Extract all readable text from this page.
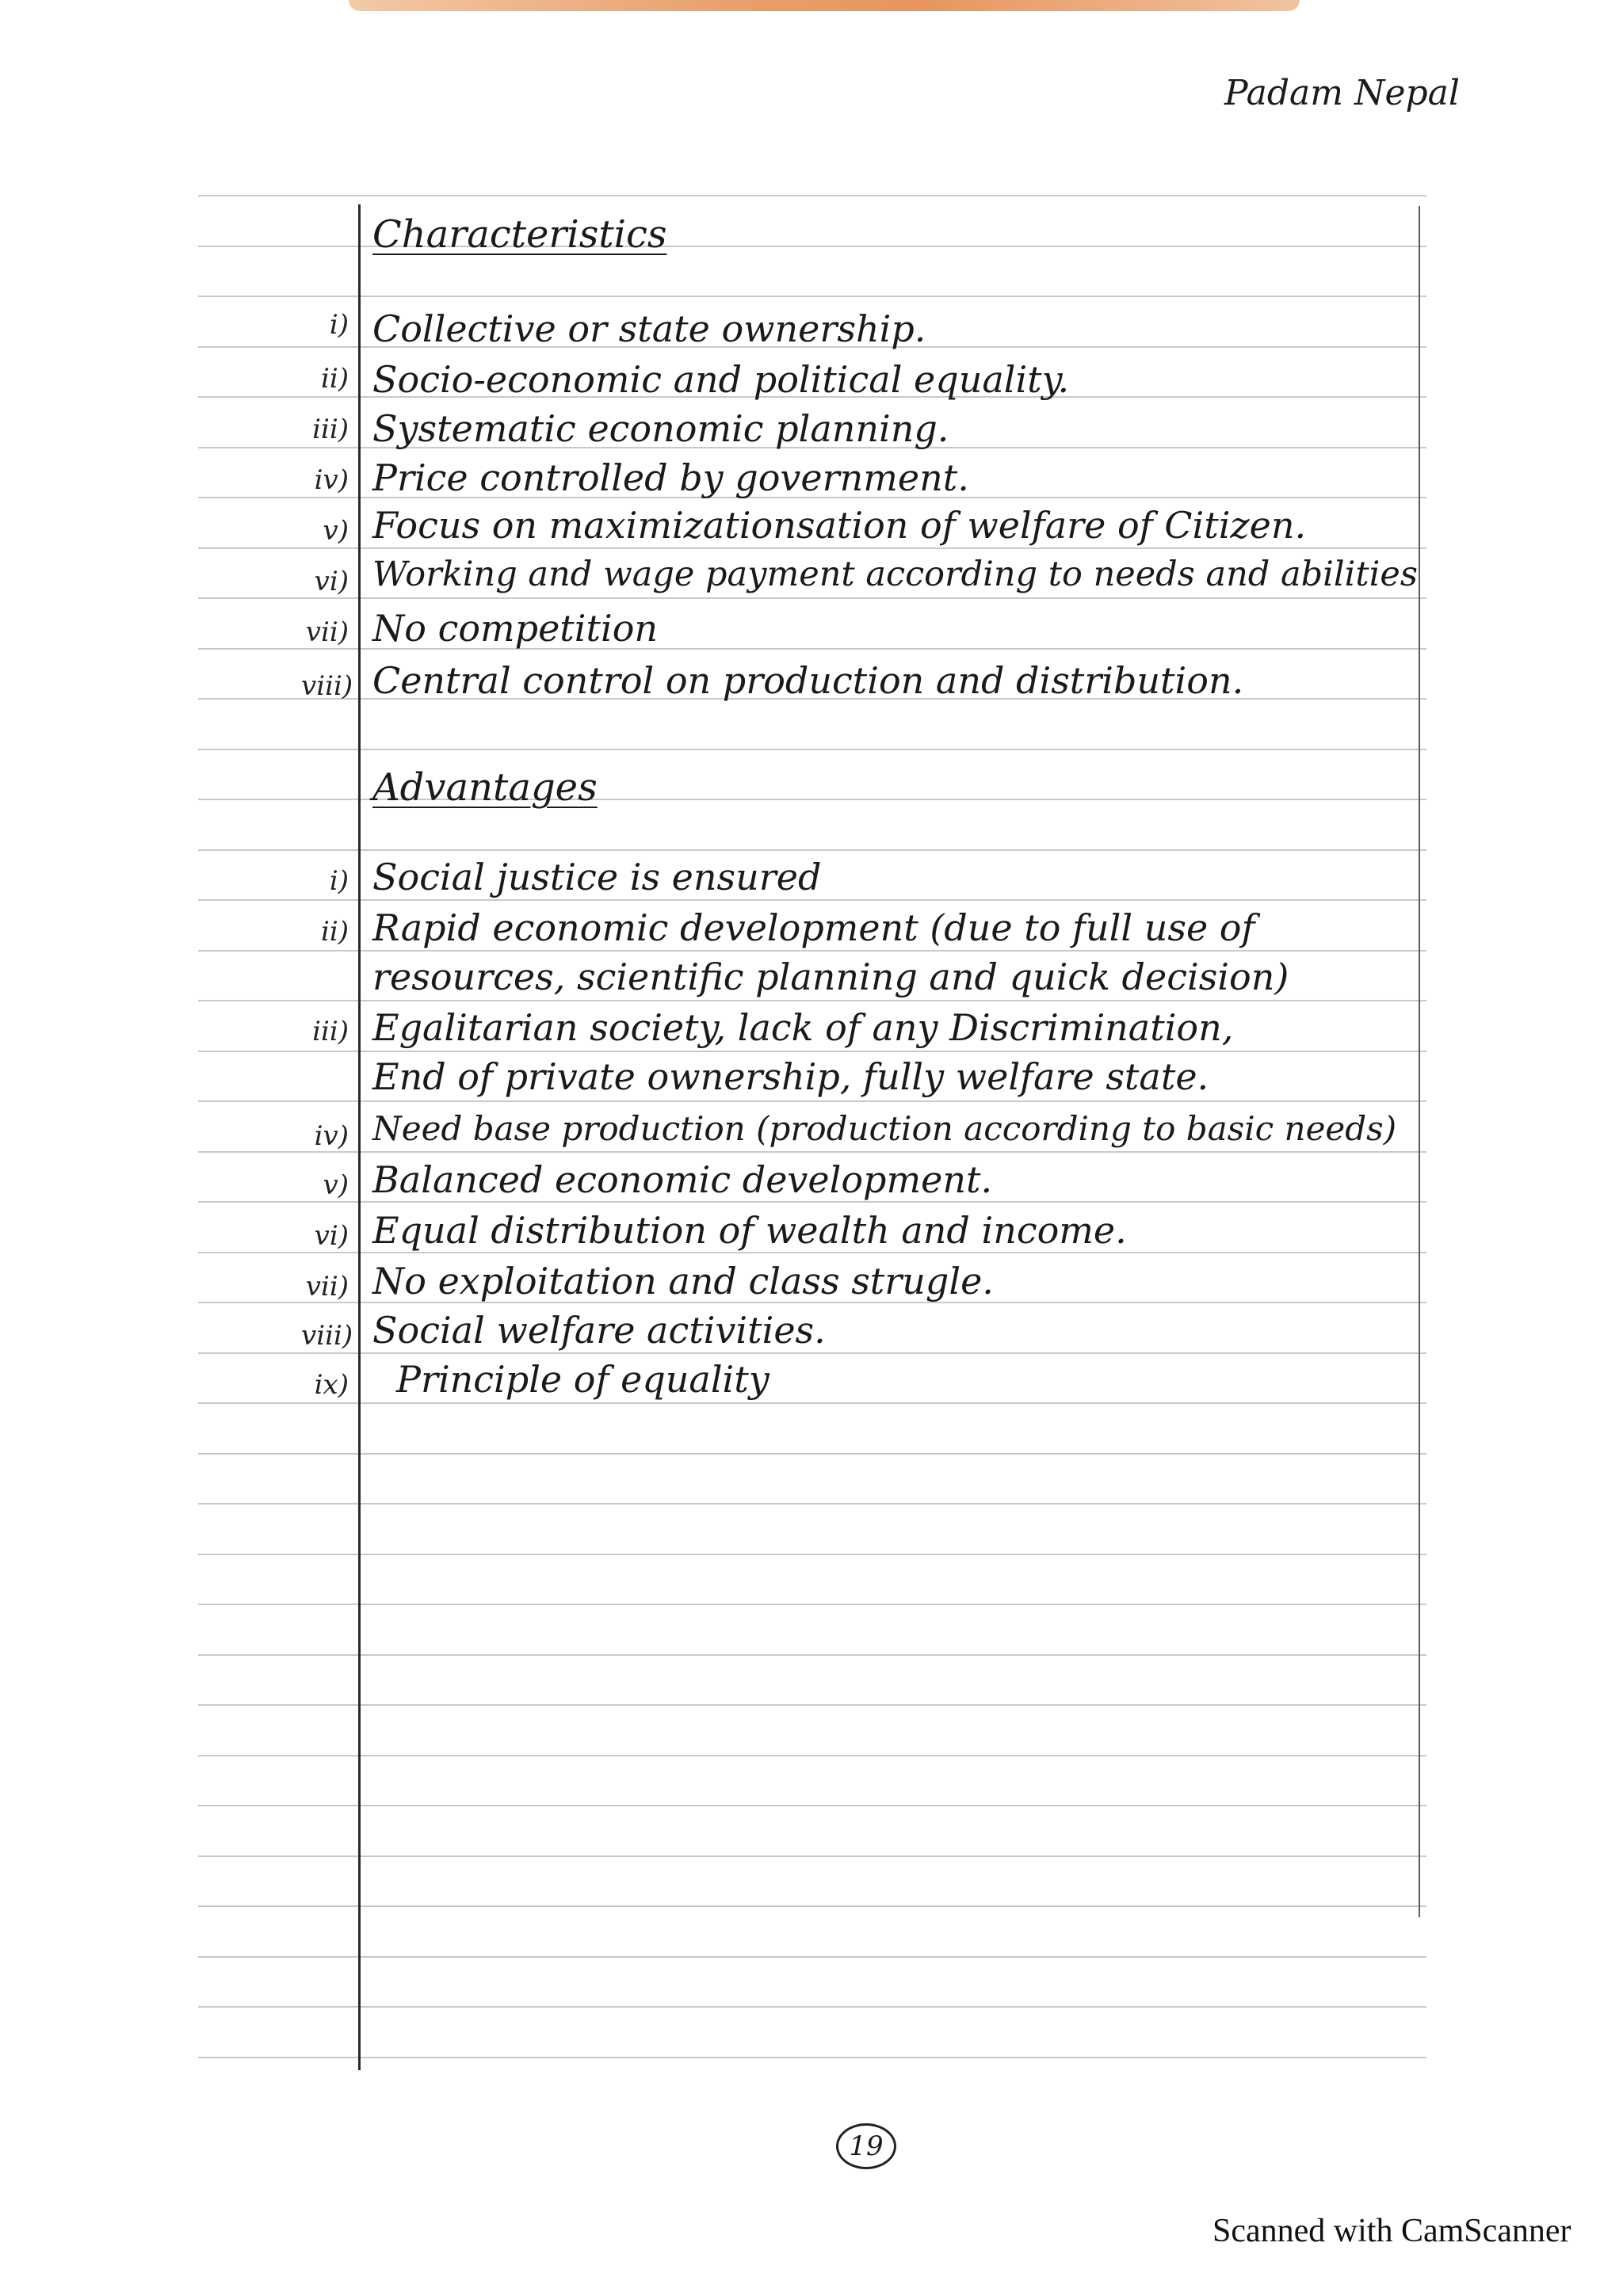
Padam Nepal
Characteristics
i) Collective or state ownership.
ii) Socio-economic and political equality.
iii) Systematic economic planning.
iv) Price controlled by government.
v) Focus on maximizationsation of welfare of Citizen.
vi) Working and wage payment according to needs and abilities
vii) No competition
viii) Central control on production and distribution.
Advantages
i) Social justice is ensured
ii) Rapid economic development (due to full use of
resources, scientific planning and quick decision)
iii) Egalitarian society, lack of any Discrimination,
End of private ownership, fully welfare state.
iv) Need base production (production according to basic needs)
v) Balanced economic development.
vi) Equal distribution of wealth and income.
vii) No exploitation and class strugle.
viii) Social welfare activities.
ix) Principle of equality
19
Scanned with CamScanner
